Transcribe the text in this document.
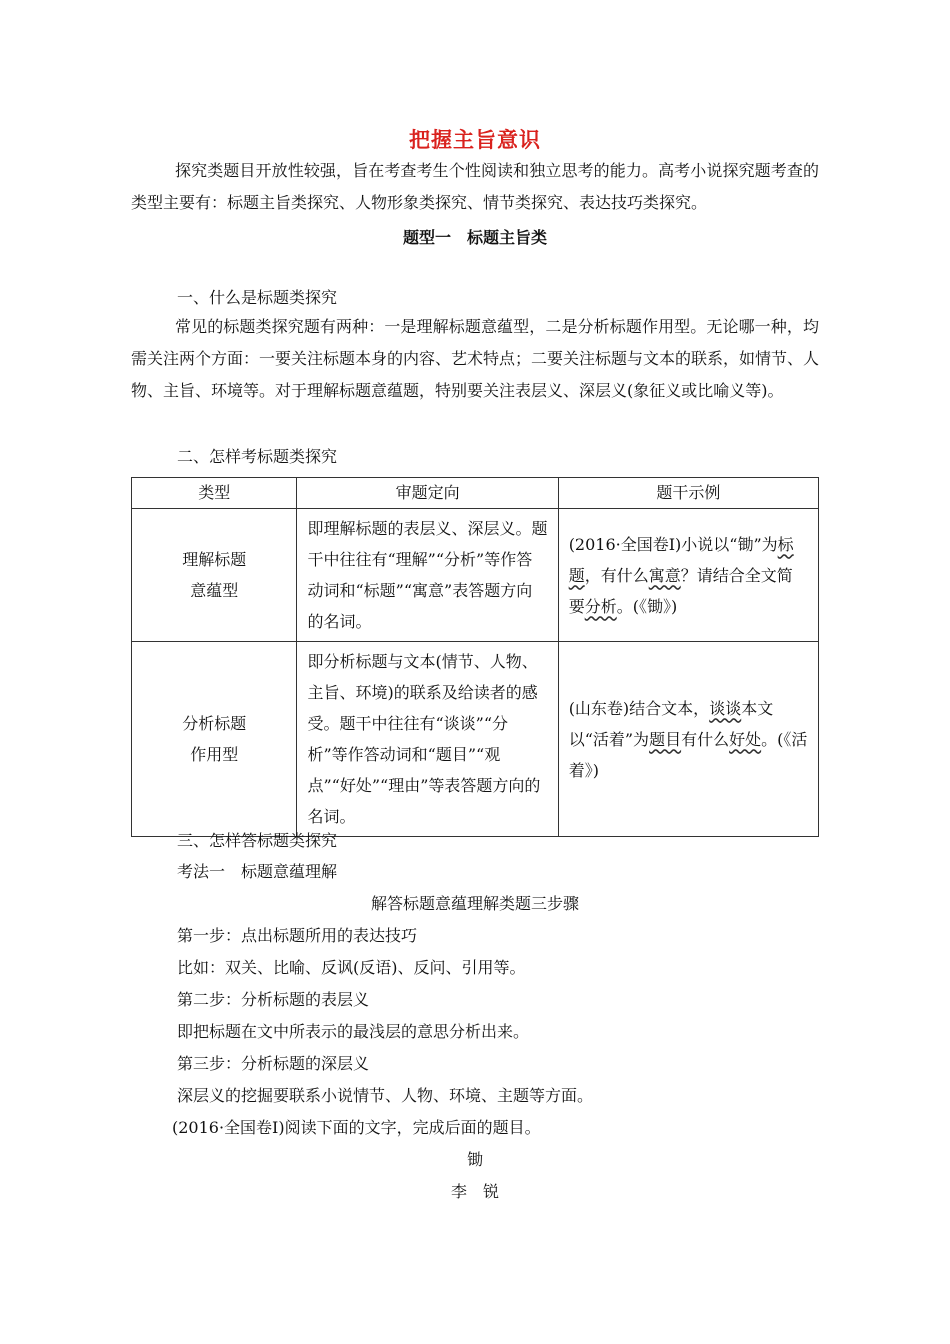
把握主旨意识

探究类题目开放性较强，旨在考查考生个性阅读和独立思考的能力。高考小说探究题考查的类型主要有：标题主旨类探究、人物形象类探究、情节类探究、表达技巧类探究。

题型一　标题主旨类
一、什么是标题类探究

常见的标题类探究题有两种：一是理解标题意蕴型，二是分析标题作用型。无论哪一种，均需关注两个方面：一要关注标题本身的内容、艺术特点；二要关注标题与文本的联系，如情节、人物、主旨、环境等。对于理解标题意蕴题，特别要关注表层义、深层义(象征义或比喻义等)。

二、怎样考标题类探究
类型	审题定向	题干示例

理解标题
意蕴型	即理解标题的表层义、深层义。题干中往往有“理解”“分析”等作答动词和“标题”“寓意”表答题方向的名词。	(2016·全国卷Ⅰ)小说以“锄”为标题，有什么寓意？请结合全文简要分析。(《锄》)

分析标题
作用型	即分析标题与文本(情节、人物、主旨、环境)的联系及给读者的感受。题干中往往有“谈谈”“分析”等作答动词和“题目”“观点”“好处”“理由”等表答题方向的名词。	(山东卷)结合文本，谈谈本文以“活着”为题目有什么好处。(《活着》)
三、怎样答标题类探究
考法一　标题意蕴理解
解答标题意蕴理解类题三步骤
第一步：点出标题所用的表达技巧
比如：双关、比喻、反讽(反语)、反问、引用等。
第二步：分析标题的表层义
即把标题在文中所表示的最浅层的意思分析出来。
第三步：分析标题的深层义
深层义的挖掘要联系小说情节、人物、环境、主题等方面。
(2016·全国卷Ⅰ)阅读下面的文字，完成后面的题目。
锄
李　锐
